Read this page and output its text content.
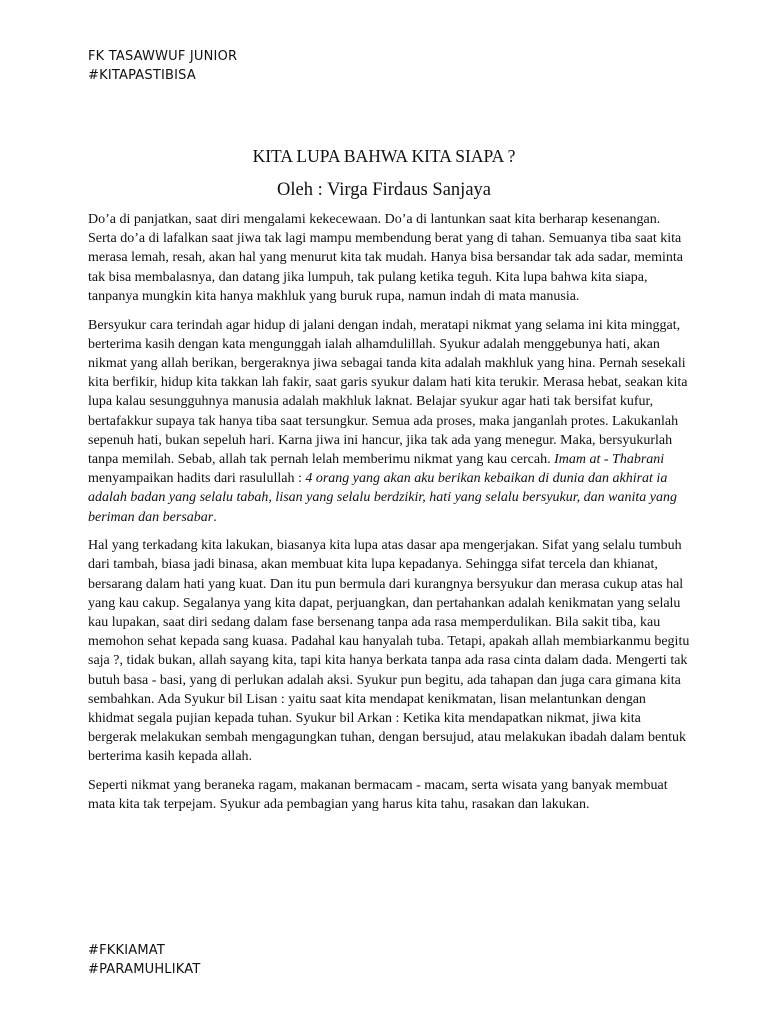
FK TASAWWUF JUNIOR
#KITAPASTIBISA
KITA LUPA BAHWA KITA SIAPA ?
Oleh : Virga Firdaus Sanjaya

Do’a di panjatkan, saat diri mengalami kekecewaan. Do’a di lantunkan saat kita berharap kesenangan. Serta do’a di lafalkan saat jiwa tak lagi mampu membendung berat yang di tahan. Semuanya tiba saat kita merasa lemah, resah, akan hal yang menurut kita tak mudah. Hanya bisa bersandar tak ada sadar, meminta tak bisa membalasnya, dan datang jika lumpuh, tak pulang ketika teguh. Kita lupa bahwa kita siapa, tanpanya mungkin kita hanya makhluk yang buruk rupa, namun indah di mata manusia.

Bersyukur cara terindah agar hidup di jalani dengan indah, meratapi nikmat yang selama ini kita minggat, berterima kasih dengan kata mengunggah ialah alhamdulillah. Syukur adalah menggebunya hati, akan nikmat yang allah berikan, bergeraknya jiwa sebagai tanda kita adalah makhluk yang hina. Pernah sesekali kita berfikir, hidup kita takkan lah fakir, saat garis syukur dalam hati kita terukir. Merasa hebat, seakan kita lupa kalau sesungguhnya manusia adalah makhluk laknat. Belajar syukur agar hati tak bersifat kufur, bertafakkur supaya tak hanya tiba saat tersungkur. Semua ada proses, maka janganlah protes. Lakukanlah sepenuh hati, bukan sepeluh hari. Karna jiwa ini hancur, jika tak ada yang menegur. Maka, bersyukurlah tanpa memilah. Sebab, allah tak pernah lelah memberimu nikmat yang kau cercah. Imam at - Thabrani menyampaikan hadits dari rasulullah : 4 orang yang akan aku berikan kebaikan di dunia dan akhirat ia adalah badan yang selalu tabah, lisan yang selalu berdzikir, hati yang selalu bersyukur, dan wanita yang beriman dan bersabar.

Hal yang terkadang kita lakukan, biasanya kita lupa atas dasar apa mengerjakan. Sifat yang selalu tumbuh dari tambah, biasa jadi binasa, akan membuat kita lupa kepadanya. Sehingga sifat tercela dan khianat, bersarang dalam hati yang kuat. Dan itu pun bermula dari kurangnya bersyukur dan merasa cukup atas hal yang kau cakup. Segalanya yang kita dapat, perjuangkan, dan pertahankan adalah kenikmatan yang selalu kau lupakan, saat diri sedang dalam fase bersenang tanpa ada rasa memperdulikan. Bila sakit tiba, kau memohon sehat kepada sang kuasa. Padahal kau hanyalah tuba. Tetapi, apakah allah membiarkanmu begitu saja ?, tidak bukan, allah sayang kita, tapi kita hanya berkata tanpa ada rasa cinta dalam dada. Mengerti tak butuh basa - basi, yang di perlukan adalah aksi. Syukur pun begitu, ada tahapan dan juga cara gimana kita sembahkan. Ada Syukur bil Lisan : yaitu saat kita mendapat kenikmatan, lisan melantunkan dengan khidmat segala pujian kepada tuhan. Syukur bil Arkan : Ketika kita mendapatkan nikmat, jiwa kita bergerak melakukan sembah mengagungkan tuhan, dengan bersujud, atau melakukan ibadah dalam bentuk berterima kasih kepada allah.

Seperti nikmat yang beraneka ragam, makanan bermacam - macam, serta wisata yang banyak membuat mata kita tak terpejam. Syukur ada pembagian yang harus kita tahu, rasakan dan lakukan.

#FKKIAMAT
#PARAMUHLIKAT
